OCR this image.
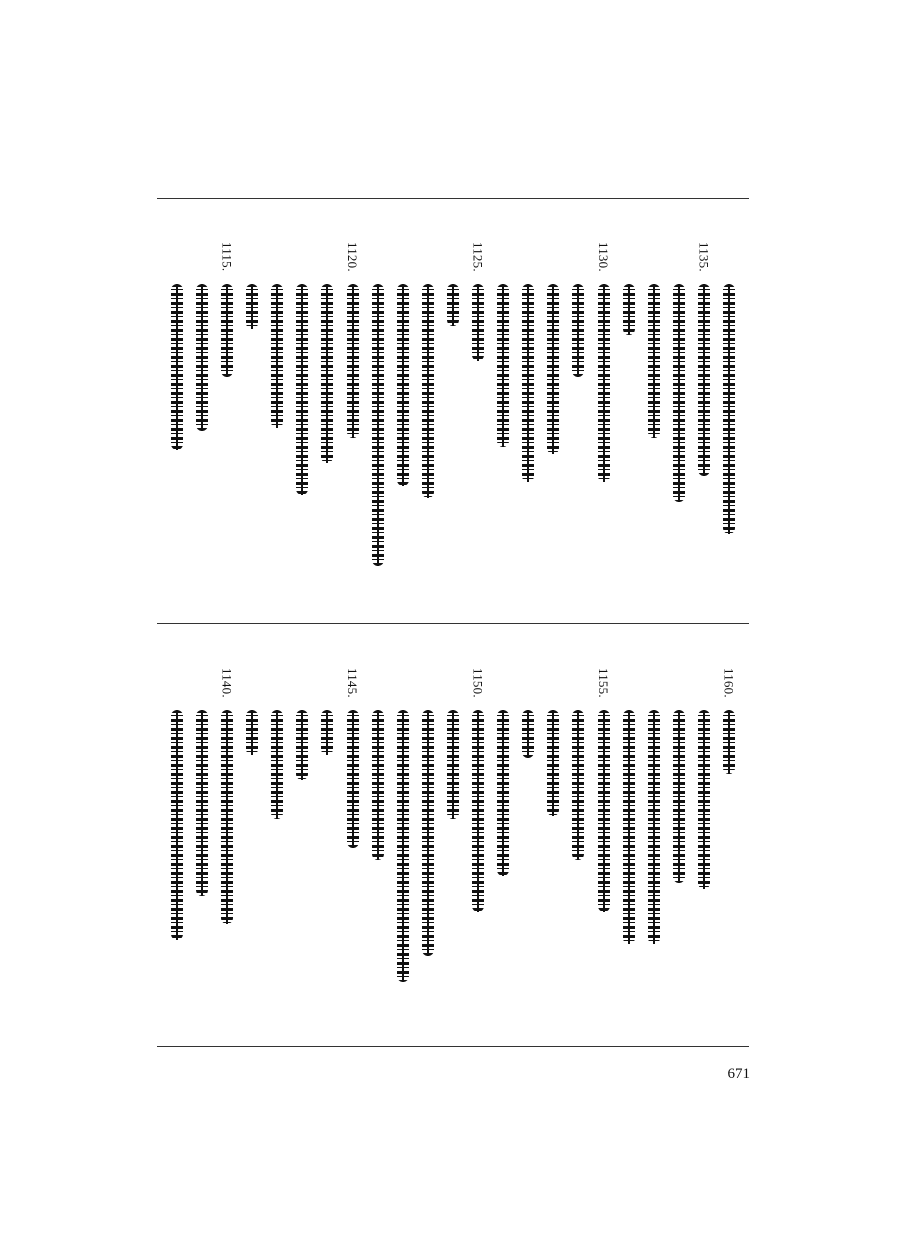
1135.
1130.
1125.
1120.
1115.
1160.
1155.
1150.
1145.
1140.
671
